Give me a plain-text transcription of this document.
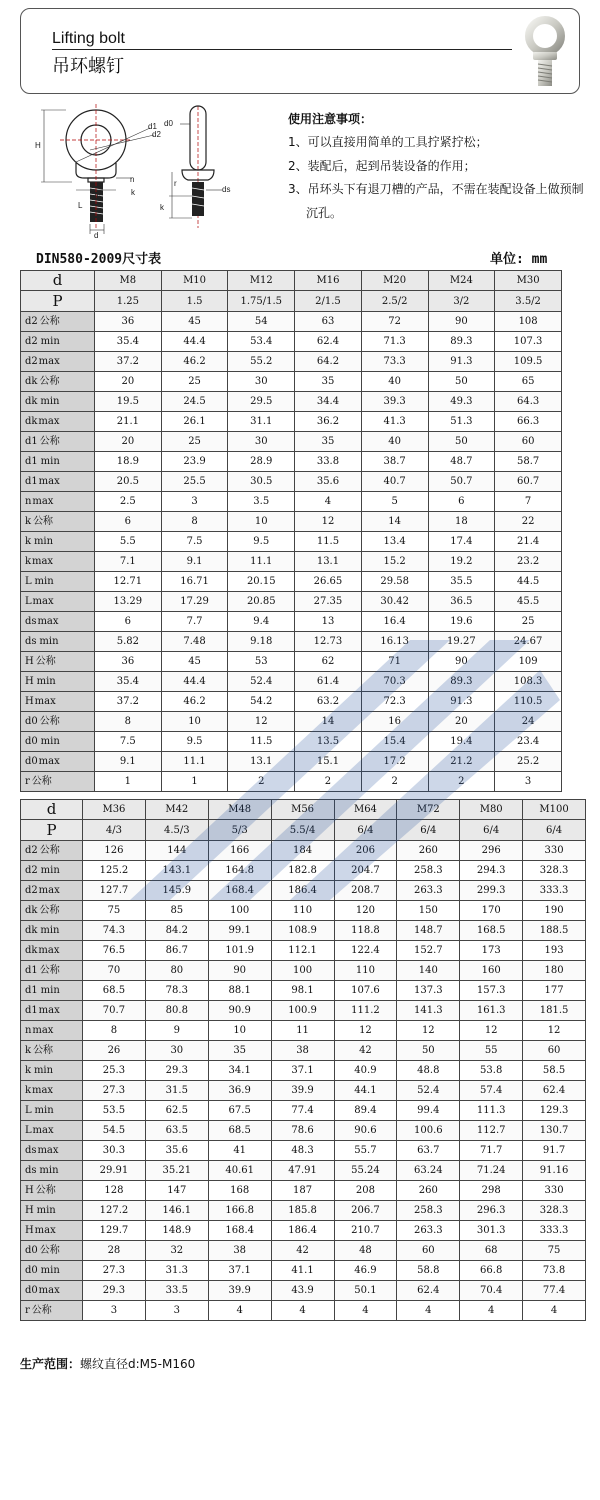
Lifting bolt
吊环螺钉
H
d1
d2
dk
n
k
L
d
d0
ds
k
r
使用注意事项：
1、可以直接用简单的工具拧紧拧松；
2、装配后，起到吊装设备的作用；
3、吊环头下有退刀槽的产品，不需在装配设备上做预制沉孔。
DIN580-2009尺寸表	单位: mm
d	M8	M10	M12	M16	M20	M24	M30
P	1.25	1.5	1.75/1.5	2/1.5	2.5/2	3/2	3.5/2
d2 公称	36	45	54	63	72	90	108
d2 min	35.4	44.4	53.4	62.4	71.3	89.3	107.3
d2max	37.2	46.2	55.2	64.2	73.3	91.3	109.5
dk 公称	20	25	30	35	40	50	65
dk min	19.5	24.5	29.5	34.4	39.3	49.3	64.3
dkmax	21.1	26.1	31.1	36.2	41.3	51.3	66.3
d1 公称	20	25	30	35	40	50	60
d1 min	18.9	23.9	28.9	33.8	38.7	48.7	58.7
d1max	20.5	25.5	30.5	35.6	40.7	50.7	60.7
nmax	2.5	3	3.5	4	5	6	7
k 公称	6	8	10	12	14	18	22
k min	5.5	7.5	9.5	11.5	13.4	17.4	21.4
kmax	7.1	9.1	11.1	13.1	15.2	19.2	23.2
L min	12.71	16.71	20.15	26.65	29.58	35.5	44.5
Lmax	13.29	17.29	20.85	27.35	30.42	36.5	45.5
dsmax	6	7.7	9.4	13	16.4	19.6	25
ds min	5.82	7.48	9.18	12.73	16.13	19.27	24.67
H 公称	36	45	53	62	71	90	109
H min	35.4	44.4	52.4	61.4	70.3	89.3	108.3
Hmax	37.2	46.2	54.2	63.2	72.3	91.3	110.5
d0 公称	8	10	12	14	16	20	24
d0 min	7.5	9.5	11.5	13.5	15.4	19.4	23.4
d0max	9.1	11.1	13.1	15.1	17.2	21.2	25.2
r 公称	1	1	2	2	2	2	3
d	M36	M42	M48	M56	M64	M72	M80	M100
P	4/3	4.5/3	5/3	5.5/4	6/4	6/4	6/4	6/4
d2 公称	126	144	166	184	206	260	296	330
d2 min	125.2	143.1	164.8	182.8	204.7	258.3	294.3	328.3
d2max	127.7	145.9	168.4	186.4	208.7	263.3	299.3	333.3
dk 公称	75	85	100	110	120	150	170	190
dk min	74.3	84.2	99.1	108.9	118.8	148.7	168.5	188.5
dkmax	76.5	86.7	101.9	112.1	122.4	152.7	173	193
d1 公称	70	80	90	100	110	140	160	180
d1 min	68.5	78.3	88.1	98.1	107.6	137.3	157.3	177
d1max	70.7	80.8	90.9	100.9	111.2	141.3	161.3	181.5
nmax	8	9	10	11	12	12	12	12
k 公称	26	30	35	38	42	50	55	60
k min	25.3	29.3	34.1	37.1	40.9	48.8	53.8	58.5
kmax	27.3	31.5	36.9	39.9	44.1	52.4	57.4	62.4
L min	53.5	62.5	67.5	77.4	89.4	99.4	111.3	129.3
Lmax	54.5	63.5	68.5	78.6	90.6	100.6	112.7	130.7
dsmax	30.3	35.6	41	48.3	55.7	63.7	71.7	91.7
ds min	29.91	35.21	40.61	47.91	55.24	63.24	71.24	91.16
H 公称	128	147	168	187	208	260	298	330
H min	127.2	146.1	166.8	185.8	206.7	258.3	296.3	328.3
Hmax	129.7	148.9	168.4	186.4	210.7	263.3	301.3	333.3
d0 公称	28	32	38	42	48	60	68	75
d0 min	27.3	31.3	37.1	41.1	46.9	58.8	66.8	73.8
d0max	29.3	33.5	39.9	43.9	50.1	62.4	70.4	77.4
r 公称	3	3	4	4	4	4	4	4
生产范围：螺纹直径d:M5-M160
